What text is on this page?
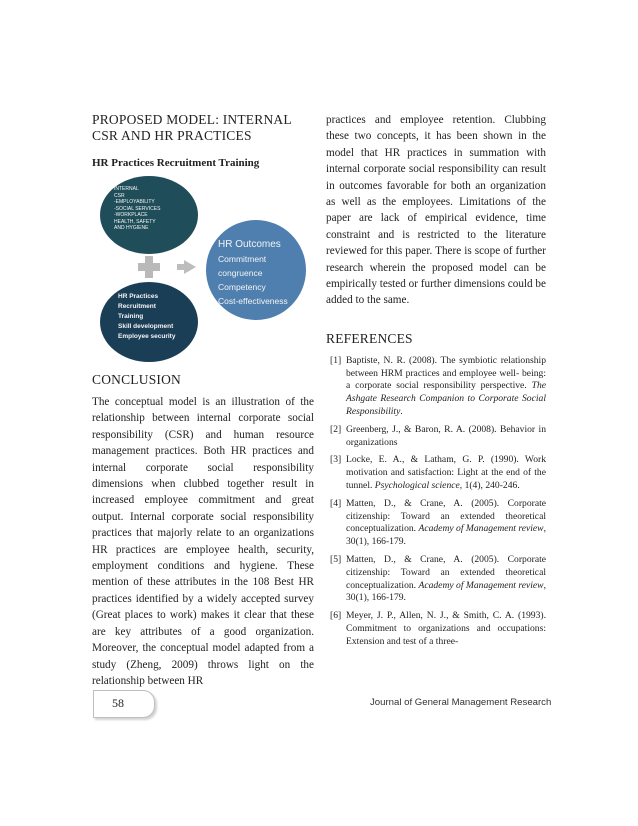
PROPOSED MODEL: INTERNAL
CSR AND HR PRACTICES
HR Practices Recruitment Training
INTERNAL
CSR
-EMPLOYABILITY
-SOCIAL SERVICES
-WORKPLACE
HEALTH, SAFETY
AND HYGIENE
HR Practices
Recruitment
Training
Skill development
Employee security
HR Outcomes
Commitment
congruence
Competency
Cost-effectiveness
CONCLUSION

The conceptual model is an illustration of the relationship between internal corporate social responsibility (CSR) and human resource management practices. Both HR practices and internal corporate social responsibility dimensions when clubbed together result in increased employee commitment and great output. Internal corporate social responsibility practices that majorly relate to an organizations HR practices are employee health, security, employment conditions and hygiene. These mention of these attributes in the 108 Best HR practices identified by a widely accepted survey (Great places to work) makes it clear that these are key attributes of a good organization. Moreover, the conceptual model adapted from a study (Zheng, 2009) throws light on the relationship between HR

practices and employee retention. Clubbing these two concepts, it has been shown in the model that HR practices in summation with internal corporate social responsibility can result in outcomes favorable for both an organization as well as the employees. Limitations of the paper are lack of empirical evidence, time constraint and is restricted to the literature reviewed for this paper. There is scope of further research wherein the proposed model can be empirically tested or further dimensions could be added to the same.

REFERENCES
[1] Baptiste, N. R. (2008). The symbiotic relationship between HRM practices and employee well- being: a corporate social responsibility perspective. The Ashgate Research Companion to Corporate Social Responsibility.
[2] Greenberg, J., & Baron, R. A. (2008). Behavior in organizations
[3] Locke, E. A., & Latham, G. P. (1990). Work motivation and satisfaction: Light at the end of the tunnel. Psychological science, 1(4), 240-246.
[4] Matten, D., & Crane, A. (2005). Corporate citizenship: Toward an extended theoretical conceptualization. Academy of Management review, 30(1), 166-179.
[5] Matten, D., & Crane, A. (2005). Corporate citizenship: Toward an extended theoretical conceptualization. Academy of Management review, 30(1), 166-179.
[6] Meyer, J. P., Allen, N. J., & Smith, C. A. (1993). Commitment to organizations and occupations: Extension and test of a three-
58	Journal of General Management Research
